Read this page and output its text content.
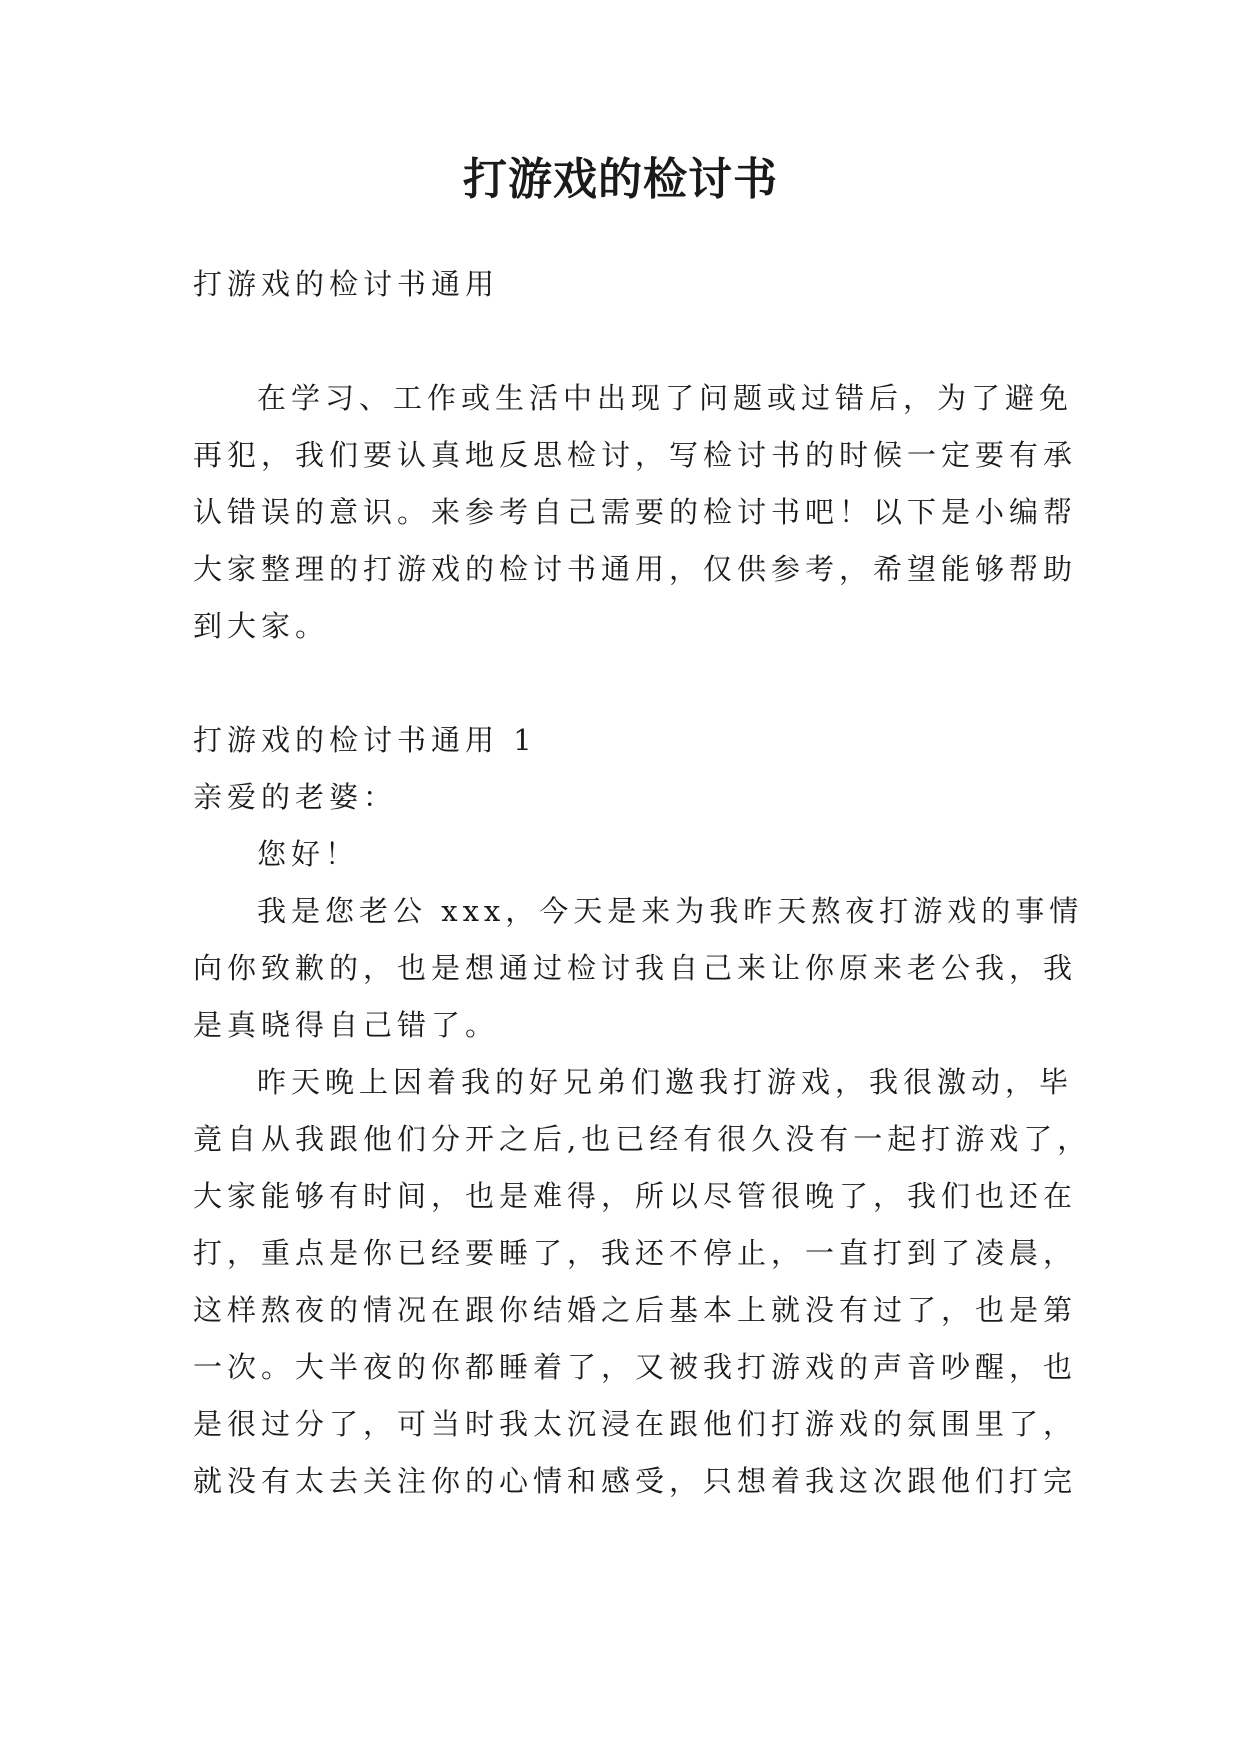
打游戏的检讨书

打游戏的检讨书通用

在学习、工作或生活中出现了问题或过错后，为了避免

再犯，我们要认真地反思检讨，写检讨书的时候一定要有承

认错误的意识。来参考自己需要的检讨书吧！以下是小编帮

大家整理的打游戏的检讨书通用，仅供参考，希望能够帮助

到大家。

打游戏的检讨书通用 1

亲爱的老婆：

您好！

我是您老公 xxx，今天是来为我昨天熬夜打游戏的事情

向你致歉的，也是想通过检讨我自己来让你原来老公我，我

是真晓得自己错了。

昨天晚上因着我的好兄弟们邀我打游戏，我很激动，毕

竟自从我跟他们分开之后,也已经有很久没有一起打游戏了，

大家能够有时间，也是难得，所以尽管很晚了，我们也还在

打，重点是你已经要睡了，我还不停止，一直打到了凌晨，

这样熬夜的情况在跟你结婚之后基本上就没有过了，也是第

一次。大半夜的你都睡着了，又被我打游戏的声音吵醒，也

是很过分了，可当时我太沉浸在跟他们打游戏的氛围里了，

就没有太去关注你的心情和感受，只想着我这次跟他们打完
